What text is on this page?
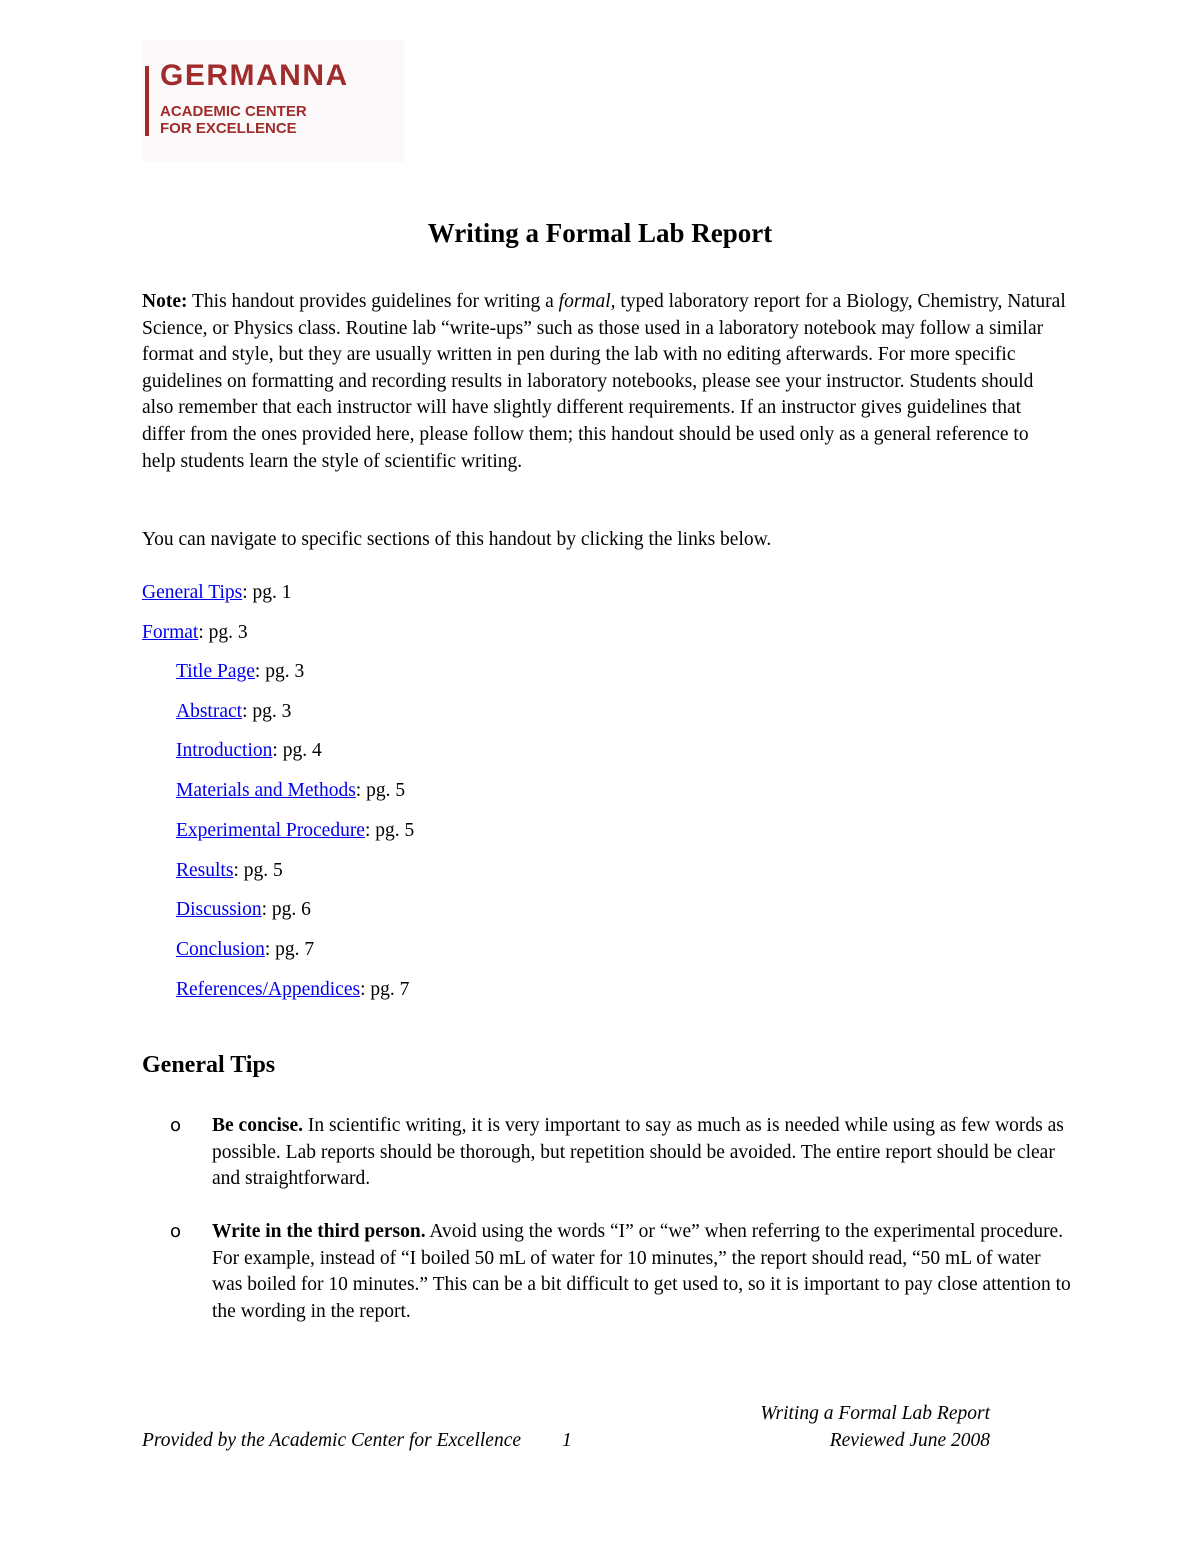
GERMANNA
ACADEMIC CENTER
FOR EXCELLENCE
Writing a Formal Lab Report
Note: This handout provides guidelines for writing a formal, typed laboratory report for a Biology, Chemistry, Natural Science, or Physics class. Routine lab “write-ups” such as those used in a laboratory notebook may follow a similar format and style, but they are usually written in pen during the lab with no editing afterwards. For more specific guidelines on formatting and recording results in laboratory notebooks, please see your instructor. Students should also remember that each instructor will have slightly different requirements. If an instructor gives guidelines that differ from the ones provided here, please follow them; this handout should be used only as a general reference to help students learn the style of scientific writing.
You can navigate to specific sections of this handout by clicking the links below.
General Tips: pg. 1
Format: pg. 3
Title Page: pg. 3
Abstract: pg. 3
Introduction: pg. 4
Materials and Methods: pg. 5
Experimental Procedure: pg. 5
Results: pg. 5
Discussion: pg. 6
Conclusion: pg. 7
References/Appendices: pg. 7
General Tips
o Be concise. In scientific writing, it is very important to say as much as is needed while using as few words as possible. Lab reports should be thorough, but repetition should be avoided. The entire report should be clear and straightforward.
o Write in the third person. Avoid using the words “I” or “we” when referring to the experimental procedure. For example, instead of “I boiled 50 mL of water for 10 minutes,” the report should read, “50 mL of water was boiled for 10 minutes.” This can be a bit difficult to get used to, so it is important to pay close attention to the wording in the report.
Writing a Formal Lab Report
Provided by the Academic Center for Excellence 1	Reviewed June 2008
